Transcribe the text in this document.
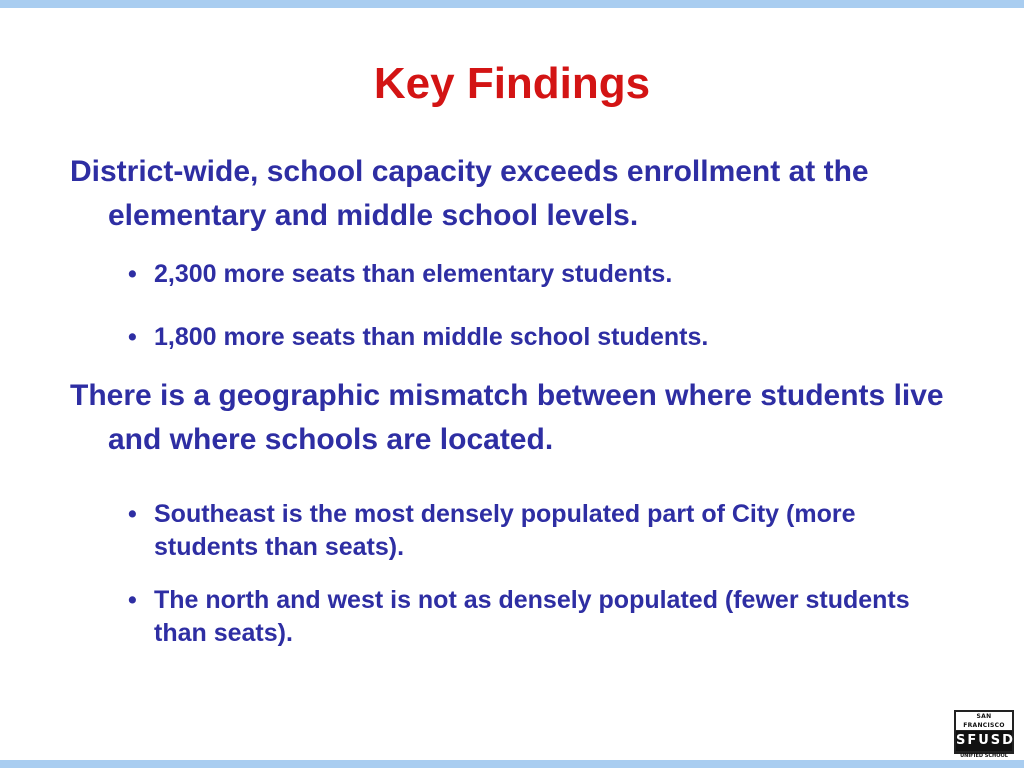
Key Findings

District-wide, school capacity exceeds enrollment at the elementary and middle school levels.

• 2,300 more seats than elementary students.

• 1,800 more seats than middle school students.

There is a geographic mismatch between where students live and where schools are located.

• Southeast is the most densely populated part of City (more students than seats).

• The north and west is not as densely populated (fewer students than seats).

SAN FRANCISCO
SFUSD
UNIFIED SCHOOL
